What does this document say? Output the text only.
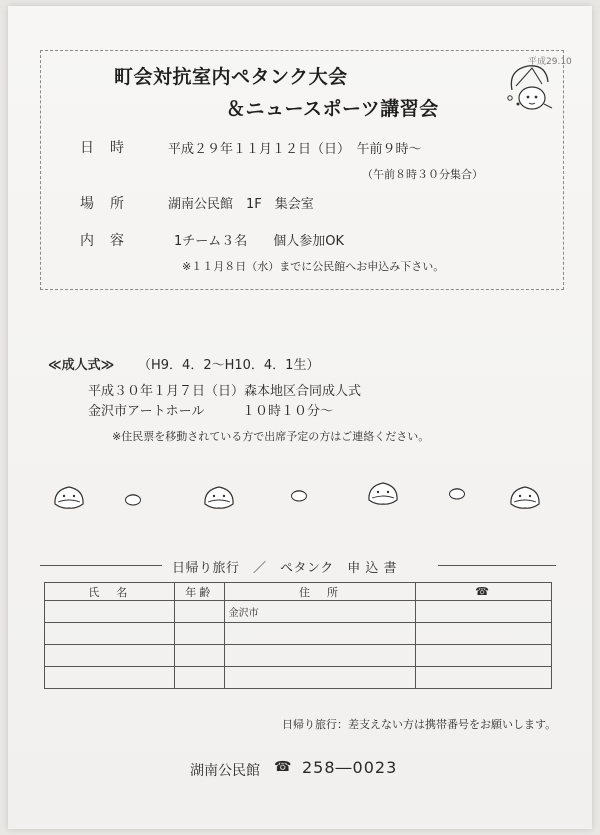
平成29.10
町会対抗室内ペタンク大会
＆ニュースポーツ講習会
日時 平成２９年１１月１２日（日）　午前９時～
（午前８時３０分集合）
場所 湖南公民館　1F　集会室
内容	1チーム３名　　個人参加OK
※１１月８日（水）までに公民館へお申込み下さい。
≪成人式≫ （H9．4．2～H10．4．1生）
平成３０年１月７日（日）森本地区合同成人式
金沢市アートホール	１０時１０分～
※住民票を移動されている方で出席予定の方はご連絡ください。
日帰り旅行　／　ペタンク　申 込 書
氏　名	年齢	住　所	☎
		金沢市	

日帰り旅行：差支えない方は携帯番号をお願いします。
湖南公民館 ☎ 258―0023
